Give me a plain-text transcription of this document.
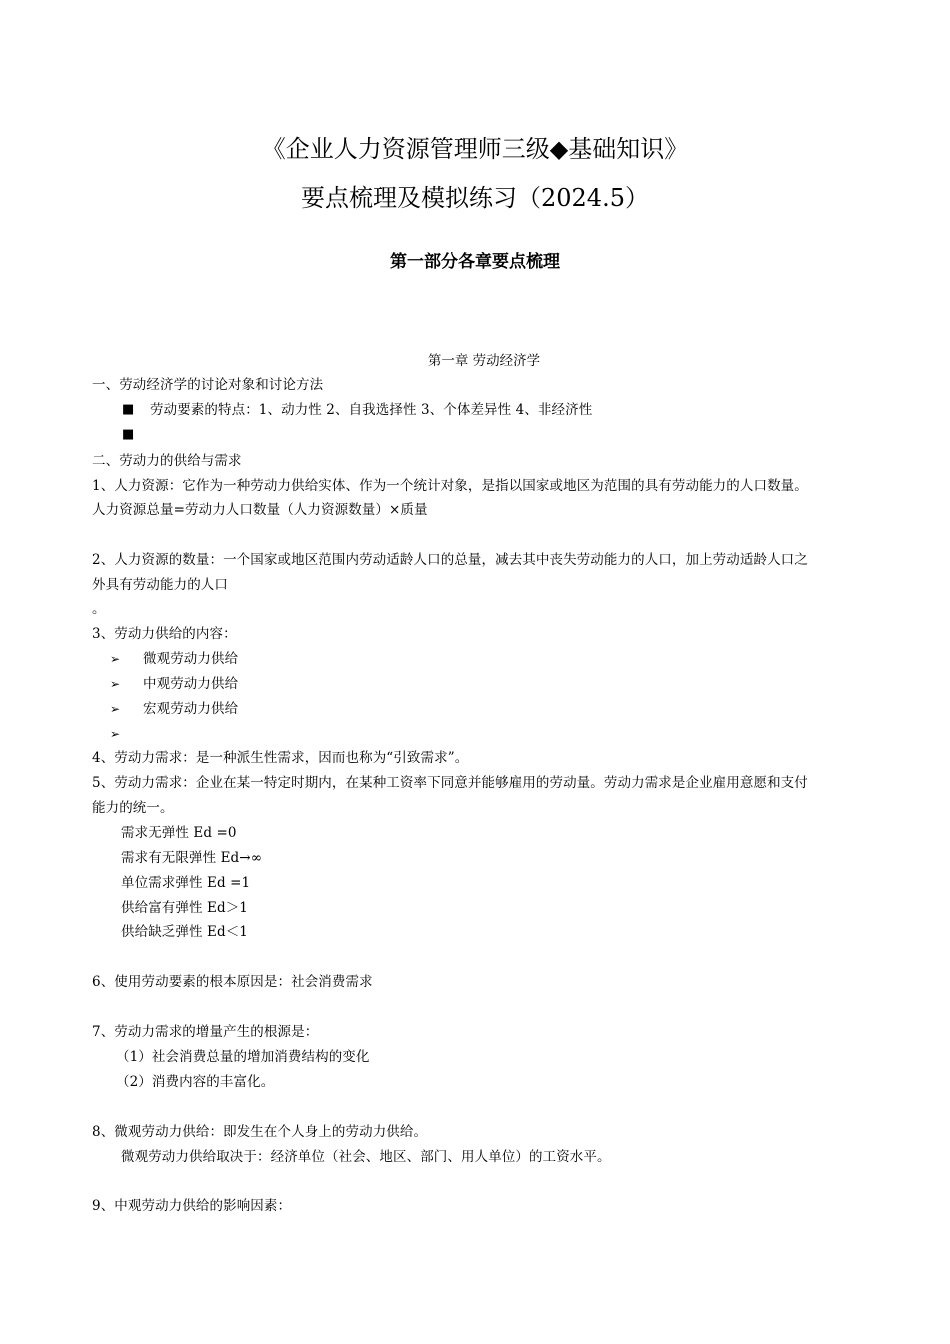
《企业人力资源管理师三级◆基础知识》
要点梳理及模拟练习（2024.5）
第一部分各章要点梳理
第一章 劳动经济学
一、劳动经济学的讨论对象和讨论方法
■ 劳动要素的特点：1、动力性 2、自我选择性 3、个体差异性 4、非经济性
■
二、劳动力的供给与需求
1、人力资源：它作为一种劳动力供给实体、作为一个统计对象，是指以国家或地区为范围的具有劳动能力的人口数量。
人力资源总量=劳动力人口数量（人力资源数量）×质量
2、人力资源的数量：一个国家或地区范围内劳动适龄人口的总量，减去其中丧失劳动能力的人口，加上劳动适龄人口之
外具有劳动能力的人口
。
3、劳动力供给的内容：
➢ 微观劳动力供给
➢ 中观劳动力供给
➢ 宏观劳动力供给
➢
4、劳动力需求：是一种派生性需求，因而也称为“引致需求”。
5、劳动力需求：企业在某一特定时期内，在某种工资率下同意并能够雇用的劳动量。劳动力需求是企业雇用意愿和支付
能力的统一。
需求无弹性 Ed =0
需求有无限弹性 Ed→∞
单位需求弹性 Ed =1
供给富有弹性 Ed＞1
供给缺乏弹性 Ed＜1
6、使用劳动要素的根本原因是：社会消费需求
7、劳动力需求的增量产生的根源是：
（1）社会消费总量的增加消费结构的变化
（2）消费内容的丰富化。
8、微观劳动力供给：即发生在个人身上的劳动力供给。
微观劳动力供给取决于：经济单位（社会、地区、部门、用人单位）的工资水平。
9、中观劳动力供给的影响因素：
